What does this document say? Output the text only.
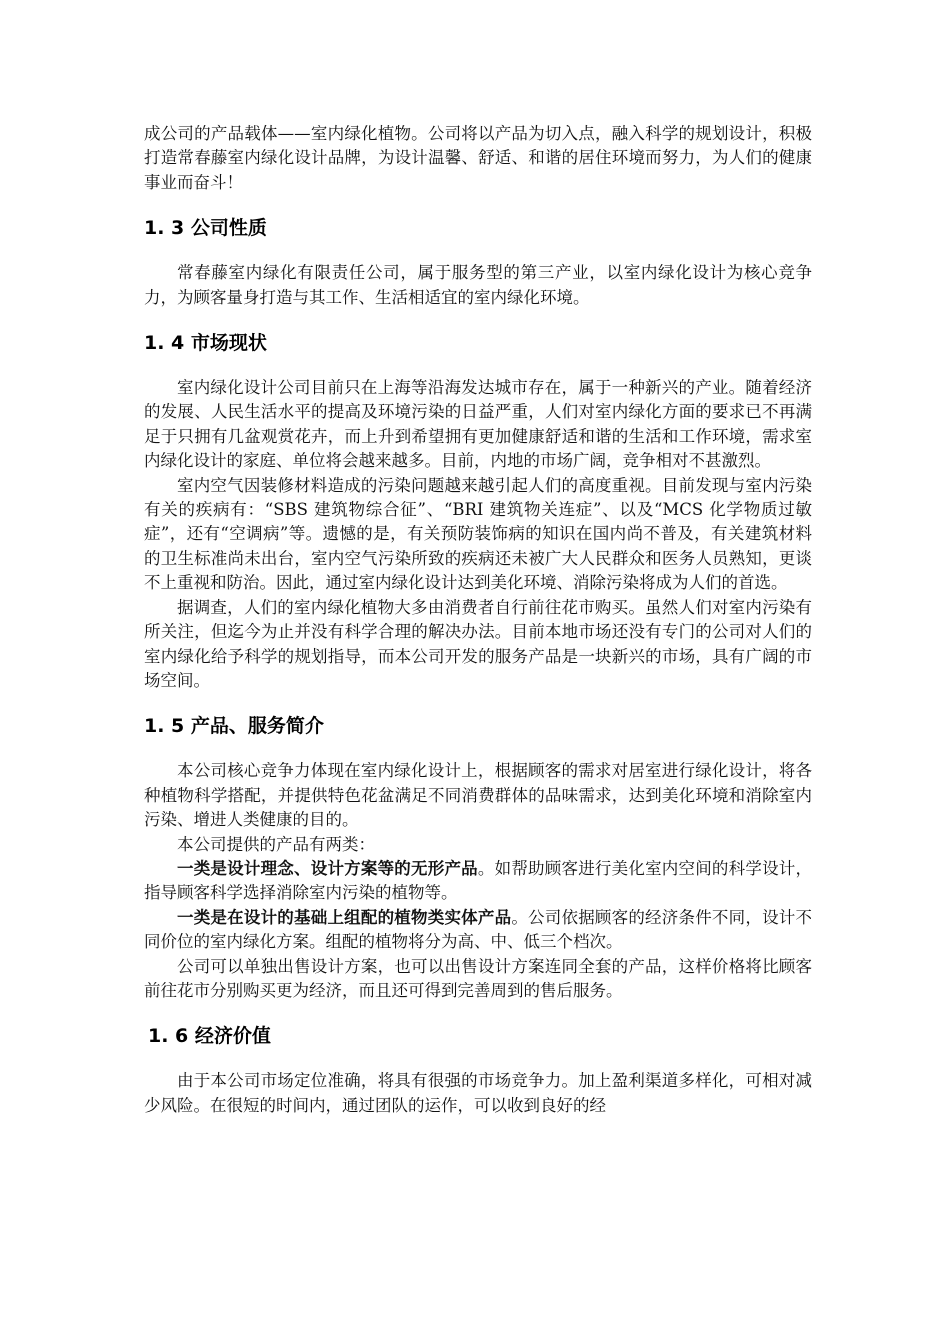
成公司的产品载体——室内绿化植物。公司将以产品为切入点，融入科学的规划设计，积极打造常春藤室内绿化设计品牌，为设计温馨、舒适、和谐的居住环境而努力，为人们的健康事业而奋斗！

1. 3 公司性质

常春藤室内绿化有限责任公司，属于服务型的第三产业，以室内绿化设计为核心竞争力，为顾客量身打造与其工作、生活相适宜的室内绿化环境。

1. 4 市场现状

室内绿化设计公司目前只在上海等沿海发达城市存在，属于一种新兴的产业。随着经济的发展、人民生活水平的提高及环境污染的日益严重，人们对室内绿化方面的要求已不再满足于只拥有几盆观赏花卉，而上升到希望拥有更加健康舒适和谐的生活和工作环境，需求室内绿化设计的家庭、单位将会越来越多。目前，内地的市场广阔，竞争相对不甚激烈。

室内空气因装修材料造成的污染问题越来越引起人们的高度重视。目前发现与室内污染有关的疾病有：“SBS 建筑物综合征”、“BRI 建筑物关连症”、以及“MCS 化学物质过敏症”，还有“空调病”等。遗憾的是，有关预防装饰病的知识在国内尚不普及，有关建筑材料的卫生标准尚未出台，室内空气污染所致的疾病还未被广大人民群众和医务人员熟知，更谈不上重视和防治。因此，通过室内绿化设计达到美化环境、消除污染将成为人们的首选。

据调查，人们的室内绿化植物大多由消费者自行前往花市购买。虽然人们对室内污染有所关注，但迄今为止并没有科学合理的解决办法。目前本地市场还没有专门的公司对人们的室内绿化给予科学的规划指导，而本公司开发的服务产品是一块新兴的市场，具有广阔的市场空间。

1. 5 产品、服务简介

本公司核心竞争力体现在室内绿化设计上，根据顾客的需求对居室进行绿化设计，将各种植物科学搭配，并提供特色花盆满足不同消费群体的品味需求，达到美化环境和消除室内污染、增进人类健康的目的。

本公司提供的产品有两类：

一类是设计理念、设计方案等的无形产品。如帮助顾客进行美化室内空间的科学设计，指导顾客科学选择消除室内污染的植物等。

一类是在设计的基础上组配的植物类实体产品。公司依据顾客的经济条件不同，设计不同价位的室内绿化方案。组配的植物将分为高、中、低三个档次。

公司可以单独出售设计方案，也可以出售设计方案连同全套的产品，这样价格将比顾客前往花市分别购买更为经济，而且还可得到完善周到的售后服务。

1. 6 经济价值

由于本公司市场定位准确，将具有很强的市场竞争力。加上盈利渠道多样化，可相对减少风险。在很短的时间内，通过团队的运作，可以收到良好的经
